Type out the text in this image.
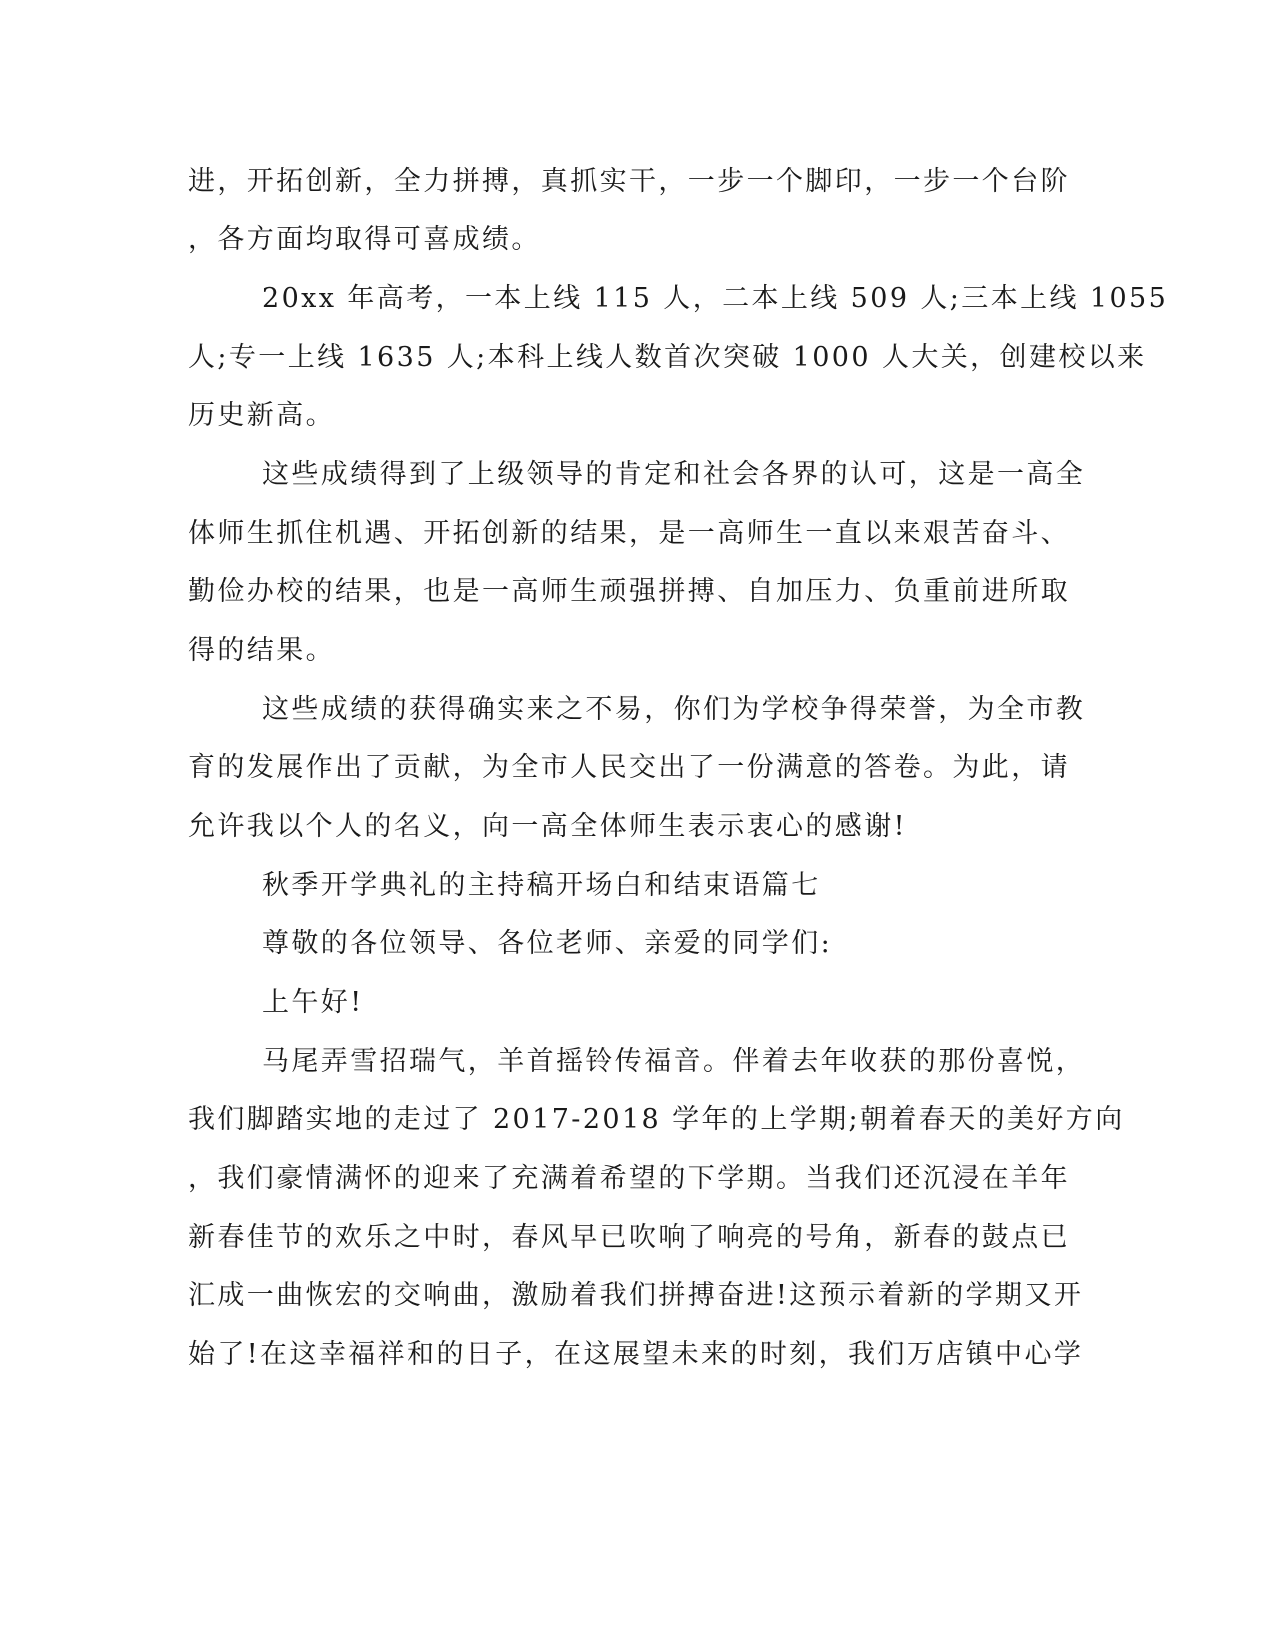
进，开拓创新，全力拼搏，真抓实干，一步一个脚印，一步一个台阶
，各方面均取得可喜成绩。
20xx 年高考，一本上线 115 人，二本上线 509 人;三本上线 1055
人;专一上线 1635 人;本科上线人数首次突破 1000 人大关，创建校以来
历史新高。
这些成绩得到了上级领导的肯定和社会各界的认可，这是一高全
体师生抓住机遇、开拓创新的结果，是一高师生一直以来艰苦奋斗、
勤俭办校的结果，也是一高师生顽强拼搏、自加压力、负重前进所取
得的结果。
这些成绩的获得确实来之不易，你们为学校争得荣誉，为全市教
育的发展作出了贡献，为全市人民交出了一份满意的答卷。为此，请
允许我以个人的名义，向一高全体师生表示衷心的感谢!
秋季开学典礼的主持稿开场白和结束语篇七
尊敬的各位领导、各位老师、亲爱的同学们:
上午好!
马尾弄雪招瑞气，羊首摇铃传福音。伴着去年收获的那份喜悦，
我们脚踏实地的走过了 2017-2018 学年的上学期;朝着春天的美好方向
，我们豪情满怀的迎来了充满着希望的下学期。当我们还沉浸在羊年
新春佳节的欢乐之中时，春风早已吹响了响亮的号角，新春的鼓点已
汇成一曲恢宏的交响曲，激励着我们拼搏奋进!这预示着新的学期又开
始了!在这幸福祥和的日子，在这展望未来的时刻，我们万店镇中心学
